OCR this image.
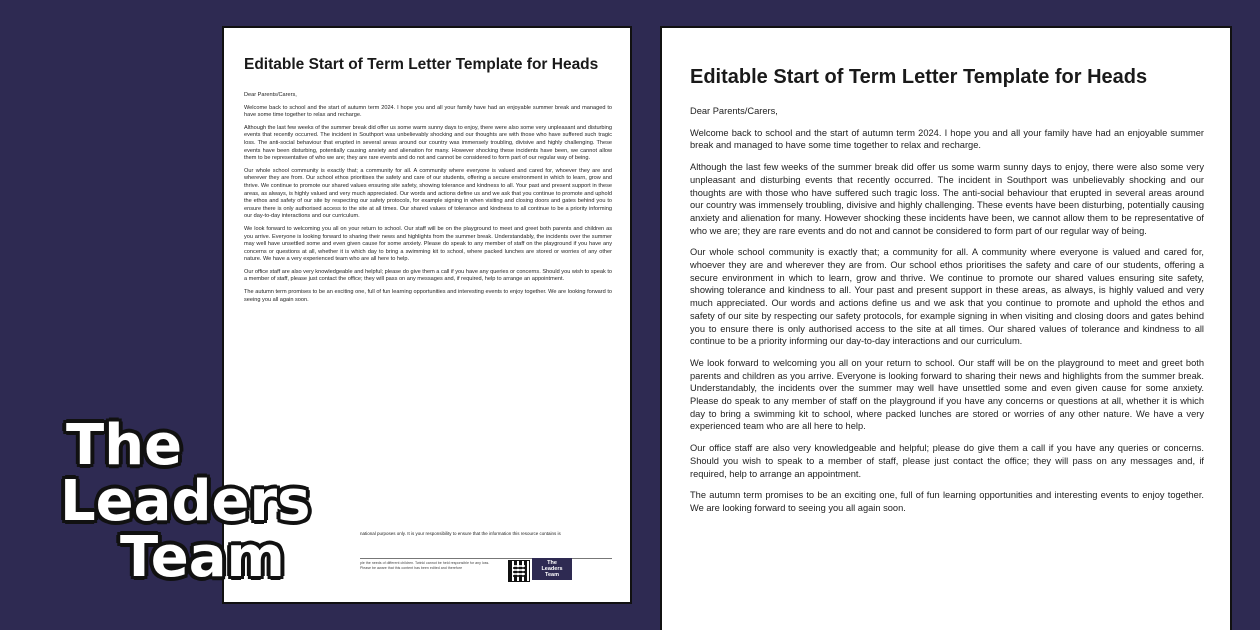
Editable Start of Term Letter Template for Heads

Dear Parents/Carers,

Welcome back to school and the start of autumn term 2024. I hope you and all your family have had an enjoyable summer break and managed to have some time together to relax and recharge.

Although the last few weeks of the summer break did offer us some warm sunny days to enjoy, there were also some very unpleasant and disturbing events that recently occurred. The incident in Southport was unbelievably shocking and our thoughts are with those who have suffered such tragic loss. The anti-social behaviour that erupted in several areas around our country was immensely troubling, divisive and highly challenging. These events have been disturbing, potentially causing anxiety and alienation for many. However shocking these incidents have been, we cannot allow them to be representative of who we are; they are rare events and do not and cannot be considered to form part of our regular way of being.

Our whole school community is exactly that; a community for all. A community where everyone is valued and cared for, whoever they are and wherever they are from. Our school ethos prioritises the safety and care of our students, offering a secure environment in which to learn, grow and thrive. We continue to promote our shared values ensuring site safety, showing tolerance and kindness to all. Your past and present support in these areas, as always, is highly valued and very much appreciated. Our words and actions define us and we ask that you continue to promote and uphold the ethos and safety of our site by respecting our safety protocols, for example signing in when visiting and closing doors and gates behind you to ensure there is only authorised access to the site at all times. Our shared values of tolerance and kindness to all continue to be a priority informing our day-to-day interactions and our curriculum.

We look forward to welcoming you all on your return to school. Our staff will be on the playground to meet and greet both parents and children as you arrive. Everyone is looking forward to sharing their news and highlights from the summer break. Understandably, the incidents over the summer may well have unsettled some and even given cause for some anxiety. Please do speak to any member of staff on the playground if you have any concerns or questions at all, whether it is which day to bring a swimming kit to school, where packed lunches are stored or worries of any other nature. We have a very experienced team who are all here to help.

Our office staff are also very knowledgeable and helpful; please do give them a call if you have any queries or concerns. Should you wish to speak to a member of staff, please just contact the office; they will pass on any messages and, if required, help to arrange an appointment.

The autumn term promises to be an exciting one, full of fun learning opportunities and interesting events to enjoy together. We are looking forward to seeing you all again soon.

national purposes only. It is your responsibility to ensure that the information this resource contains is
ple the needs of different children. Twinkl cannot be held responsible for any loss. Please be aware that this content has been edited and therefore
The
Leaders
Team
Editable Start of Term Letter Template for Heads

Dear Parents/Carers,

Welcome back to school and the start of autumn term 2024. I hope you and all your family have had an enjoyable summer break and managed to have some time together to relax and recharge.

Although the last few weeks of the summer break did offer us some warm sunny days to enjoy, there were also some very unpleasant and disturbing events that recently occurred. The incident in Southport was unbelievably shocking and our thoughts are with those who have suffered such tragic loss. The anti-social behaviour that erupted in several areas around our country was immensely troubling, divisive and highly challenging. These events have been disturbing, potentially causing anxiety and alienation for many. However shocking these incidents have been, we cannot allow them to be representative of who we are; they are rare events and do not and cannot be considered to form part of our regular way of being.

Our whole school community is exactly that; a community for all. A community where everyone is valued and cared for, whoever they are and wherever they are from. Our school ethos prioritises the safety and care of our students, offering a secure environment in which to learn, grow and thrive. We continue to promote our shared values ensuring site safety, showing tolerance and kindness to all. Your past and present support in these areas, as always, is highly valued and very much appreciated. Our words and actions define us and we ask that you continue to promote and uphold the ethos and safety of our site by respecting our safety protocols, for example signing in when visiting and closing doors and gates behind you to ensure there is only authorised access to the site at all times. Our shared values of tolerance and kindness to all continue to be a priority informing our day-to-day interactions and our curriculum.

We look forward to welcoming you all on your return to school. Our staff will be on the playground to meet and greet both parents and children as you arrive. Everyone is looking forward to sharing their news and highlights from the summer break. Understandably, the incidents over the summer may well have unsettled some and even given cause for some anxiety. Please do speak to any member of staff on the playground if you have any concerns or questions at all, whether it is which day to bring a swimming kit to school, where packed lunches are stored or worries of any other nature. We have a very experienced team who are all here to help.

Our office staff are also very knowledgeable and helpful; please do give them a call if you have any queries or concerns. Should you wish to speak to a member of staff, please just contact the office; they will pass on any messages and, if required, help to arrange an appointment.

The autumn term promises to be an exciting one, full of fun learning opportunities and interesting events to enjoy together. We are looking forward to seeing you all again soon.

The
Leaders
Team
